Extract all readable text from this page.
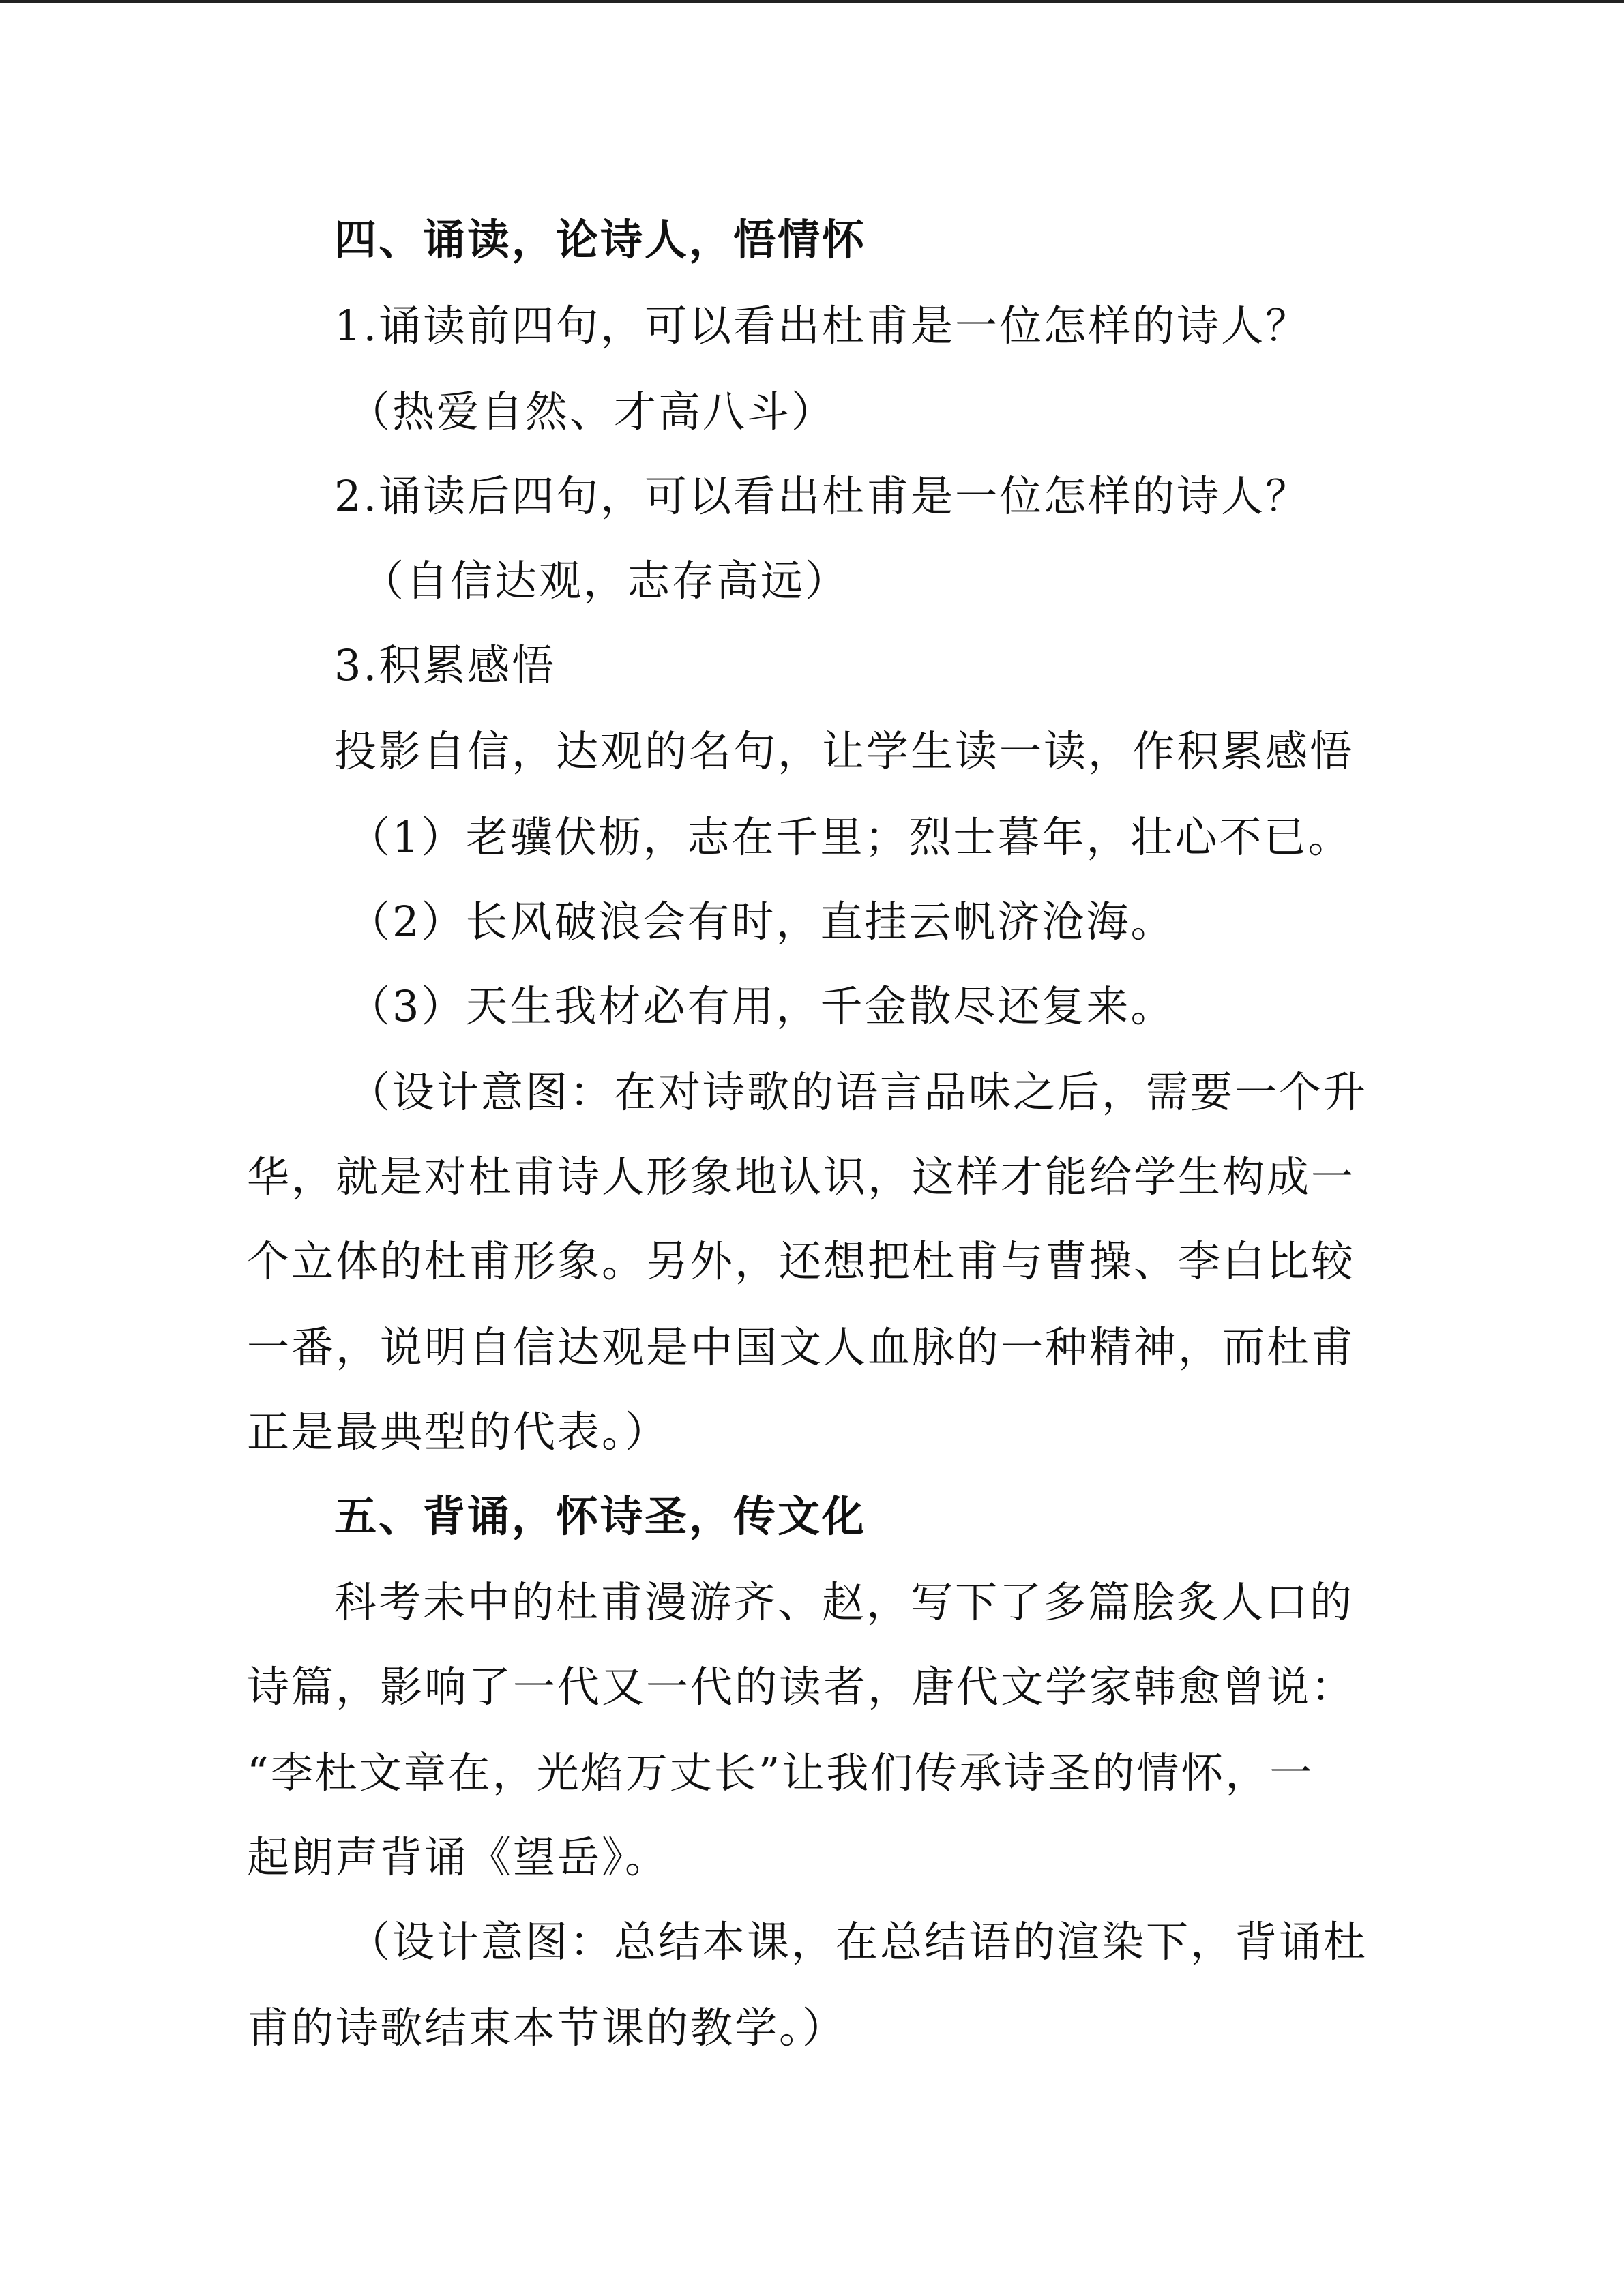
四、诵读，论诗人，悟情怀
1.诵读前四句，可以看出杜甫是一位怎样的诗人？
（热爱自然、才高八斗）
2.诵读后四句，可以看出杜甫是一位怎样的诗人？
（自信达观，志存高远）
3.积累感悟
投影自信，达观的名句，让学生读一读，作积累感悟
（1）老骥伏枥，志在千里；烈士暮年，壮心不已。
（2）长风破浪会有时，直挂云帆济沧海。
（3）天生我材必有用，千金散尽还复来。
（设计意图：在对诗歌的语言品味之后，需要一个升
华，就是对杜甫诗人形象地认识，这样才能给学生构成一
个立体的杜甫形象。另外，还想把杜甫与曹操、李白比较
一番，说明自信达观是中国文人血脉的一种精神，而杜甫
正是最典型的代表。）
五、背诵，怀诗圣，传文化
科考未中的杜甫漫游齐、赵，写下了多篇脍炙人口的
诗篇，影响了一代又一代的读者，唐代文学家韩愈曾说：
“李杜文章在，光焰万丈长”让我们传承诗圣的情怀，一
起朗声背诵《望岳》。
（设计意图：总结本课，在总结语的渲染下，背诵杜
甫的诗歌结束本节课的教学。）
